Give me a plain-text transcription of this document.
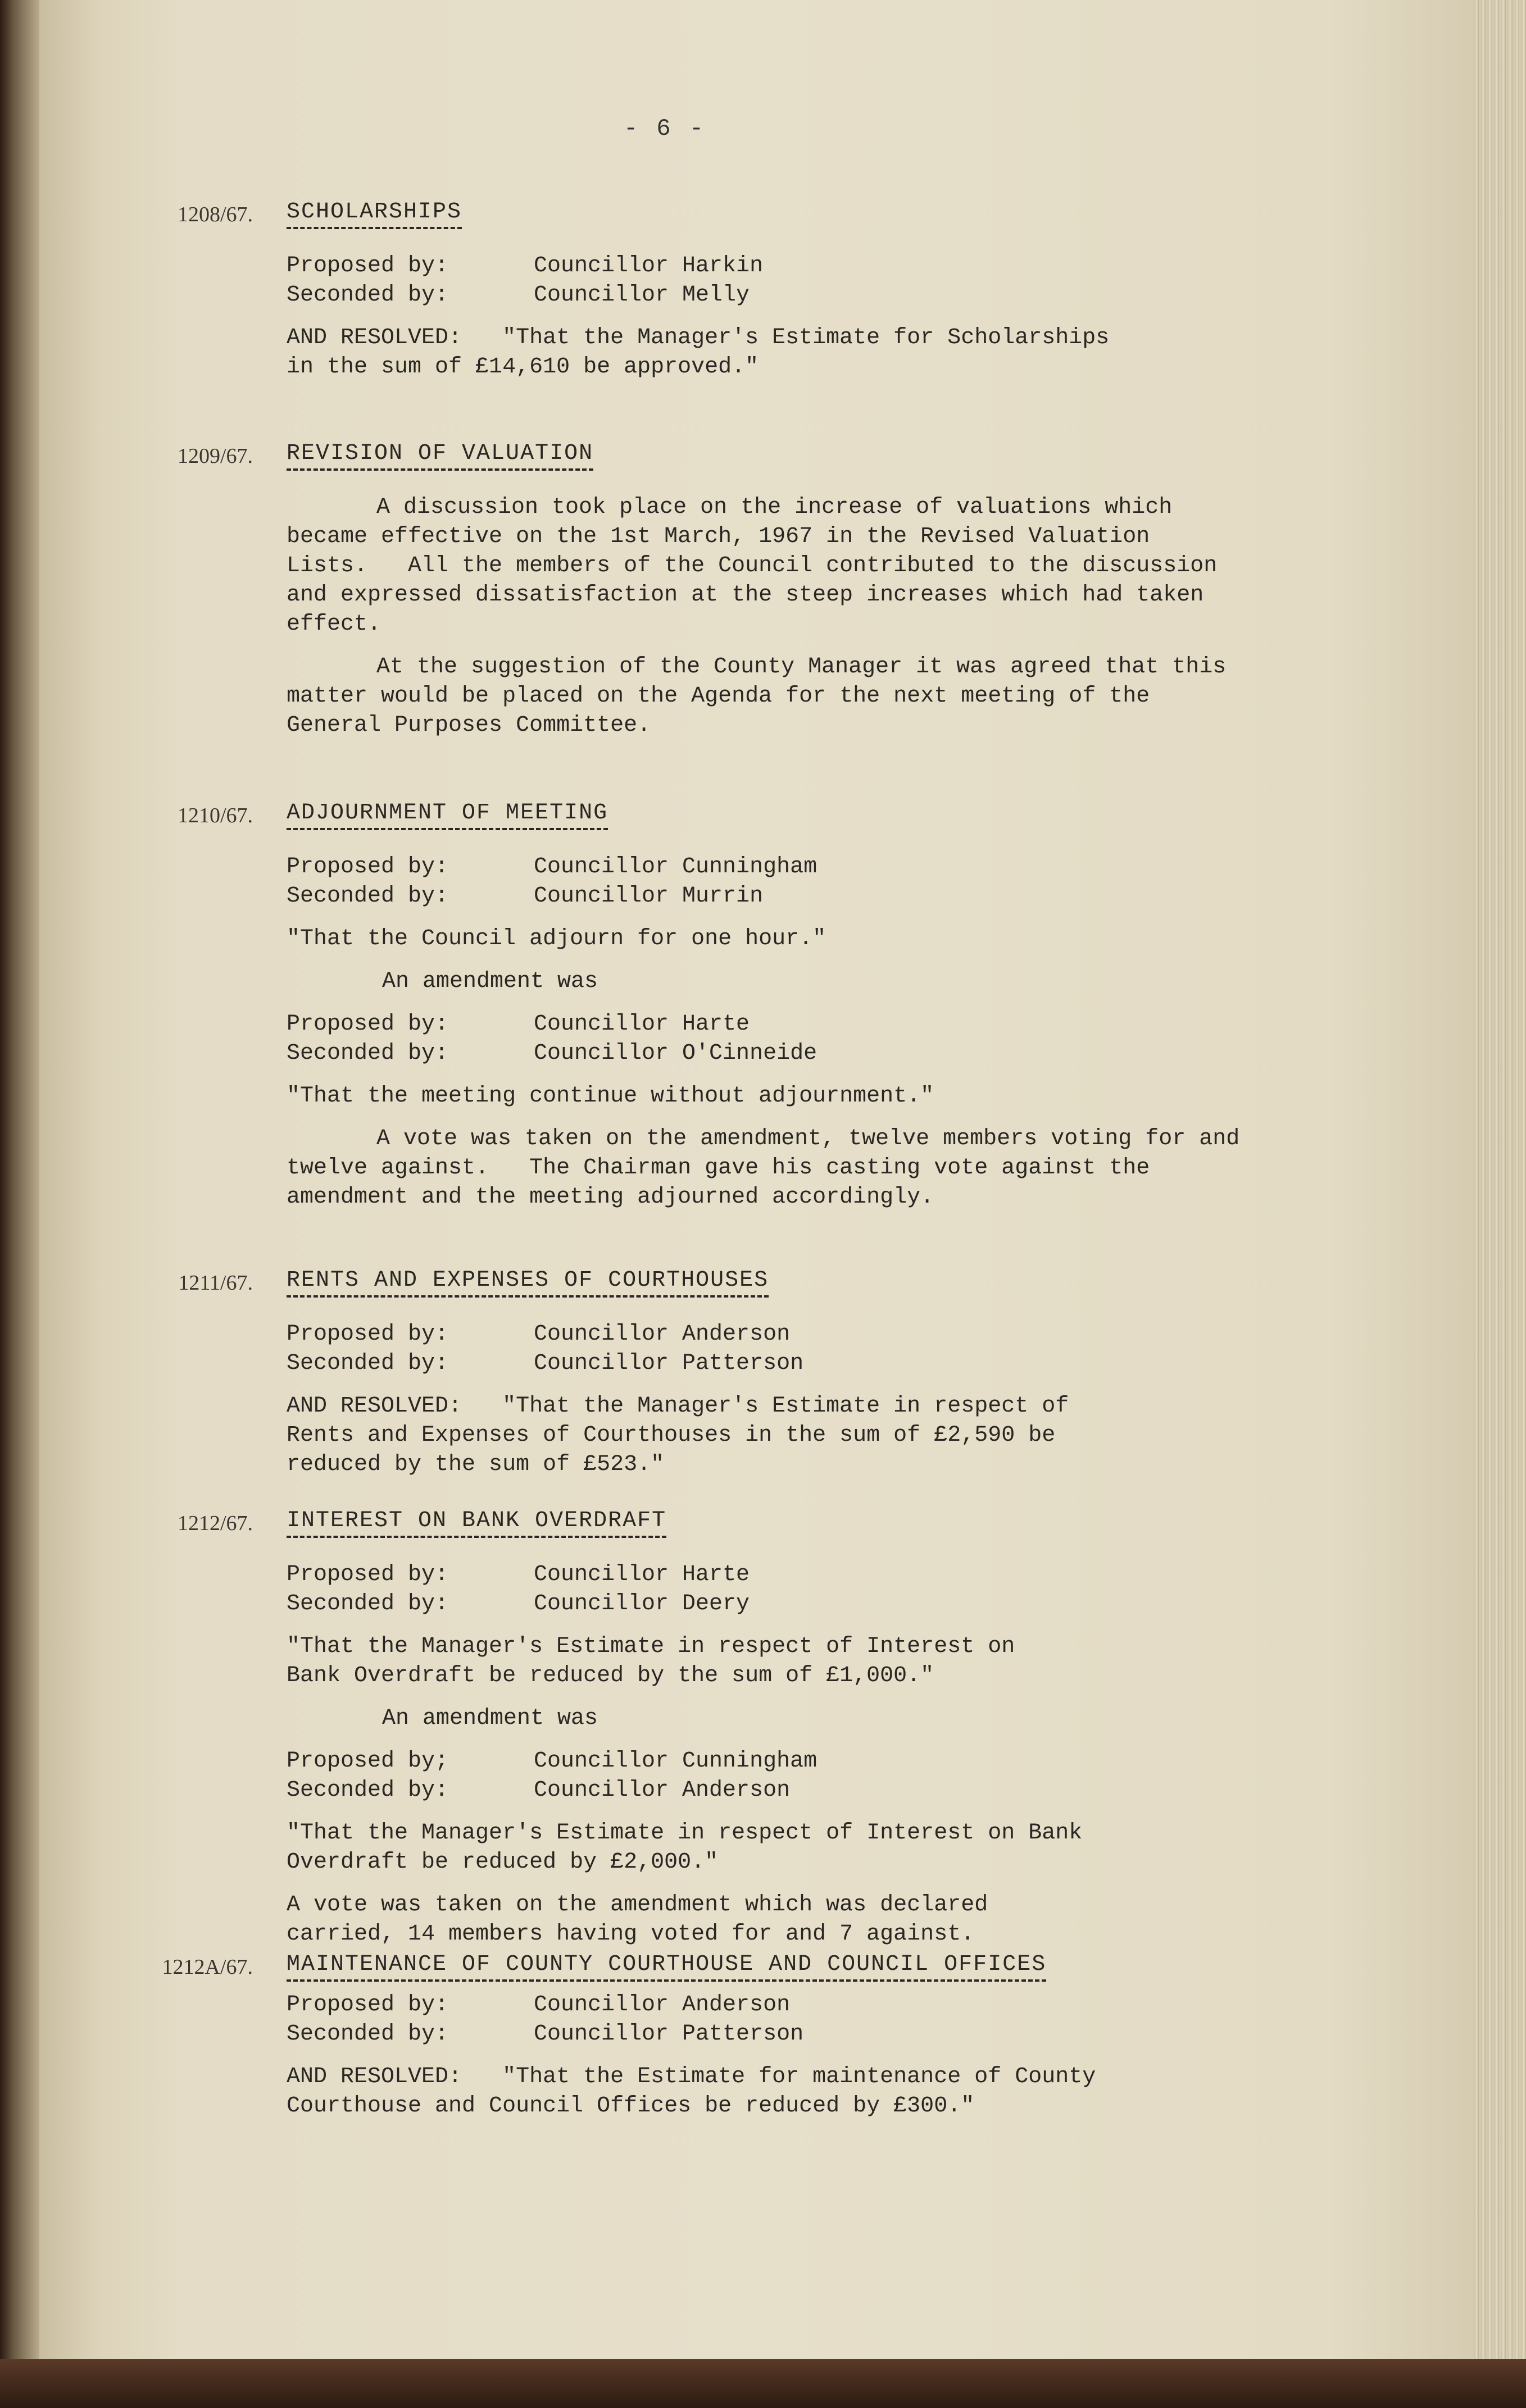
- 6 -
1208/67. SCHOLARSHIPS
Proposed by:	Councillor Harkin
Seconded by:	Councillor Melly

AND RESOLVED:   "That the Manager's Estimate for Scholarships
in the sum of £14,610 be approved."

1209/67. REVISION OF VALUATION

A discussion took place on the increase of valuations which became effective on the 1st March, 1967 in the Revised Valuation Lists.   All the members of the Council contributed to the discussion and expressed dissatisfaction at the steep increases which had taken effect.

At the suggestion of the County Manager it was agreed that this matter would be placed on the Agenda for the next meeting of the General Purposes Committee.

1210/67. ADJOURNMENT OF MEETING
Proposed by:	Councillor Cunningham
Seconded by:	Councillor Murrin

"That the Council adjourn for one hour."

An amendment was

Proposed by:	Councillor Harte
Seconded by:	Councillor O'Cinneide

"That the meeting continue without adjournment."

A vote was taken on the amendment, twelve members voting for and twelve against.   The Chairman gave his casting vote against the amendment and the meeting adjourned accordingly.

1211/67. RENTS AND EXPENSES OF COURTHOUSES
Proposed by:	Councillor Anderson
Seconded by:	Councillor Patterson

AND RESOLVED:   "That the Manager's Estimate in respect of
Rents and Expenses of Courthouses in the sum of £2,590 be
reduced by the sum of £523."

1212/67. INTEREST ON BANK OVERDRAFT
Proposed by:	Councillor Harte
Seconded by:	Councillor Deery

"That the Manager's Estimate in respect of Interest on
Bank Overdraft be reduced by the sum of £1,000."

An amendment was

Proposed by;	Councillor Cunningham
Seconded by:	Councillor Anderson

"That the Manager's Estimate in respect of Interest on Bank
Overdraft be reduced by £2,000."

A vote was taken on the amendment which was declared
carried, 14 members having voted for and 7 against.

1212A/67. MAINTENANCE OF COUNTY COURTHOUSE AND COUNCIL OFFICES
Proposed by:	Councillor Anderson
Seconded by:	Councillor Patterson

AND RESOLVED:   "That the Estimate for maintenance of County
Courthouse and Council Offices be reduced by £300."
